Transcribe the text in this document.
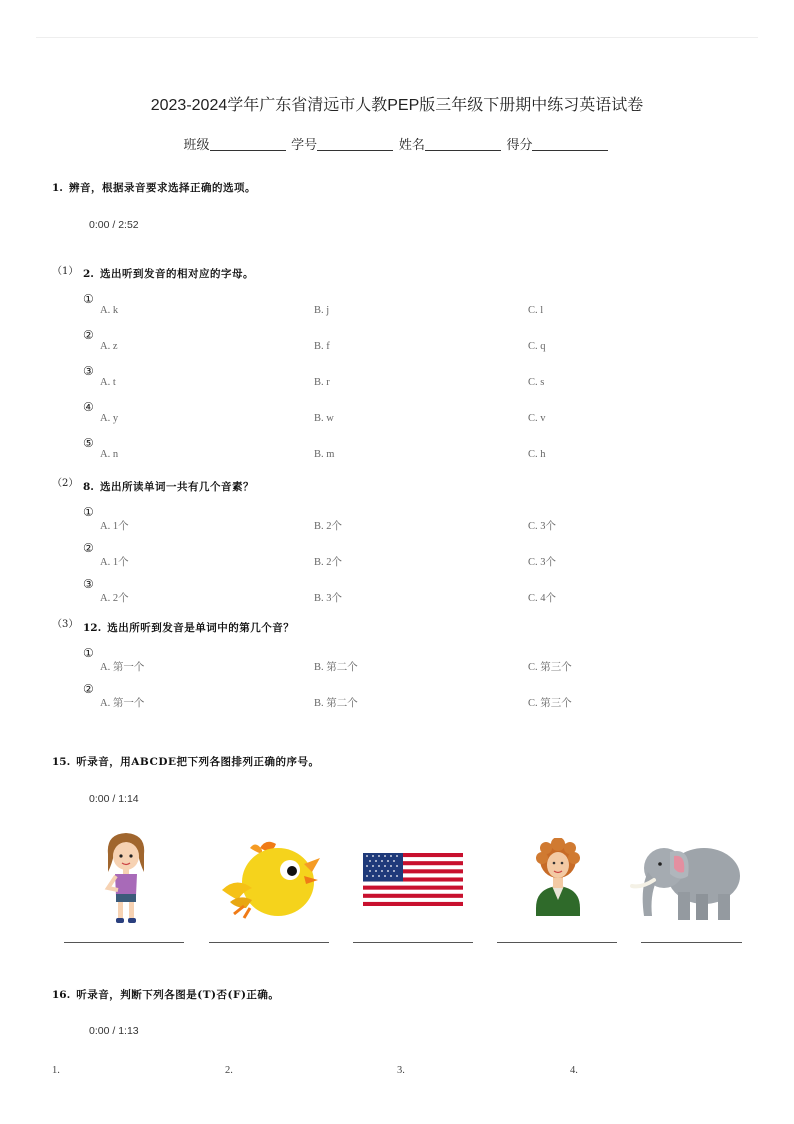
2023-2024学年广东省清远市人教PEP版三年级下册期中练习英语试卷
班级	学号	姓名	得分
1. 辨音，根据录音要求选择正确的选项。
0:00 / 2:52
（1） 2. 选出听到发音的相对应的字母。
①
A. k	B. j	C. l
②
A. z	B. f	C. q
③
A. t	B. r	C. s
④
A. y	B. w	C. v
⑤
A. n	B. m	C. h
（2） 8. 选出所读单词一共有几个音素？
①
A. 1个	B. 2个	C. 3个
②
A. 1个	B. 2个	C. 3个
③
A. 2个	B. 3个	C. 4个
（3） 12. 选出所听到发音是单词中的第几个音？
①
A. 第一个	B. 第二个	C. 第三个
②
A. 第一个	B. 第二个	C. 第三个
15. 听录音，用ABCDE把下列各图排列正确的序号。
0:00 / 1:14
16. 听录音，判断下列各图是(T)否(F)正确。
0:00 / 1:13
1.	2.	3.	4.
